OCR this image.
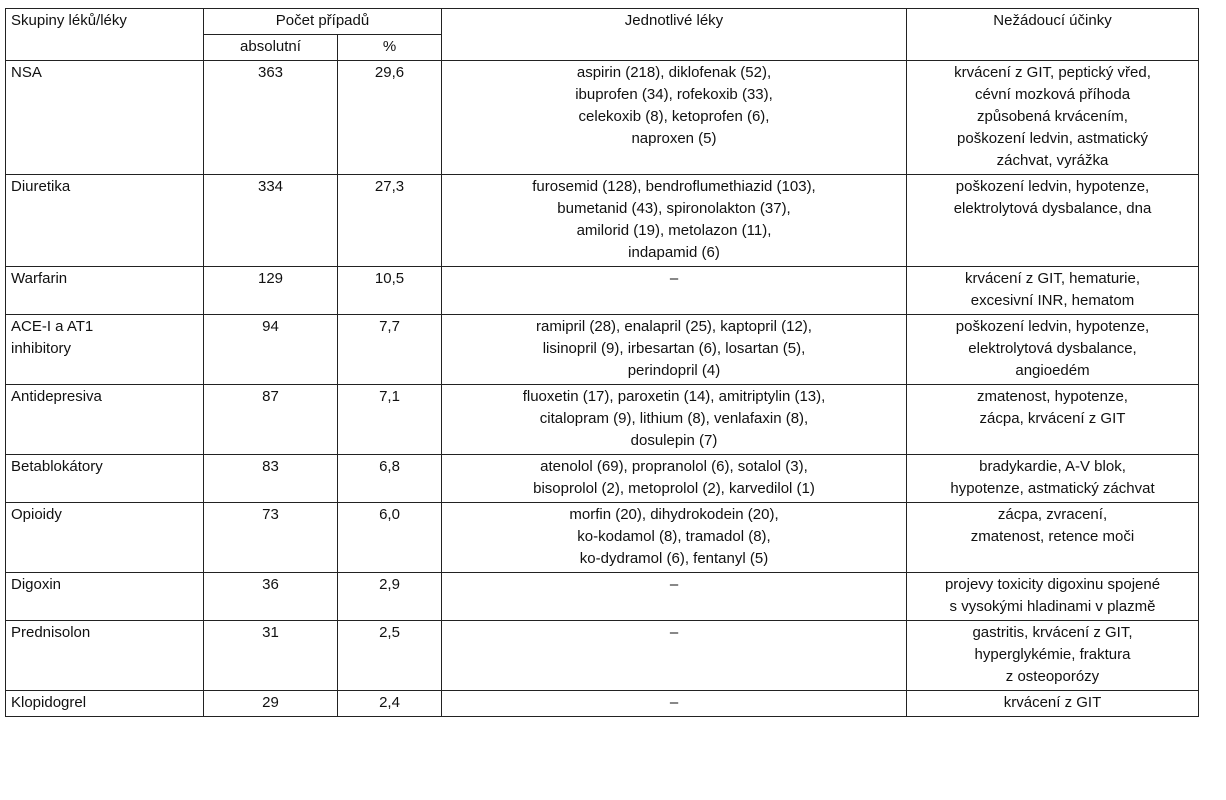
Skupiny léků/léky	Počet případů		Jednotlivé léky	Nežádoucí účinky
	absolutní	%		

NSA	363	29,6	aspirin (218), diklofenak (52),
ibuprofen (34), rofekoxib (33),
celekoxib (8), ketoprofen (6),
naproxen (5)	krvácení z GIT, peptický vřed,
cévní mozková příhoda
způsobená krvácením,
poškození ledvin, astmatický
záchvat, vyrážka

Diuretika	334	27,3	furosemid (128), bendroflumethiazid (103),
bumetanid (43), spironolakton (37),
amilorid (19), metolazon (11),
indapamid (6)	poškození ledvin, hypotenze,
elektrolytová dysbalance, dna

Warfarin	129	10,5	–	krvácení z GIT, hematurie,
excesivní INR, hematom

ACE-I a AT1
inhibitory	94	7,7	ramipril (28), enalapril (25), kaptopril (12),
lisinopril (9), irbesartan (6), losartan (5),
perindopril (4)	poškození ledvin, hypotenze,
elektrolytová dysbalance,
angioedém

Antidepresiva	87	7,1	fluoxetin (17), paroxetin (14), amitriptylin (13),
citalopram (9), lithium (8), venlafaxin (8),
dosulepin (7)	zmatenost, hypotenze,
zácpa, krvácení z GIT

Betablokátory	83	6,8	atenolol (69), propranolol (6), sotalol (3),
bisoprolol (2), metoprolol (2), karvedilol (1)	bradykardie, A-V blok,
hypotenze, astmatický záchvat

Opioidy	73	6,0	morfin (20), dihydrokodein (20),
ko-kodamol (8), tramadol (8),
ko-dydramol (6), fentanyl (5)	zácpa, zvracení,
zmatenost, retence moči

Digoxin	36	2,9	–	projevy toxicity digoxinu spojené
s vysokými hladinami v plazmě

Prednisolon	31	2,5	–	gastritis, krvácení z GIT,
hyperglykémie, fraktura
z osteoporózy

Klopidogrel	29	2,4	–	krvácení z GIT
